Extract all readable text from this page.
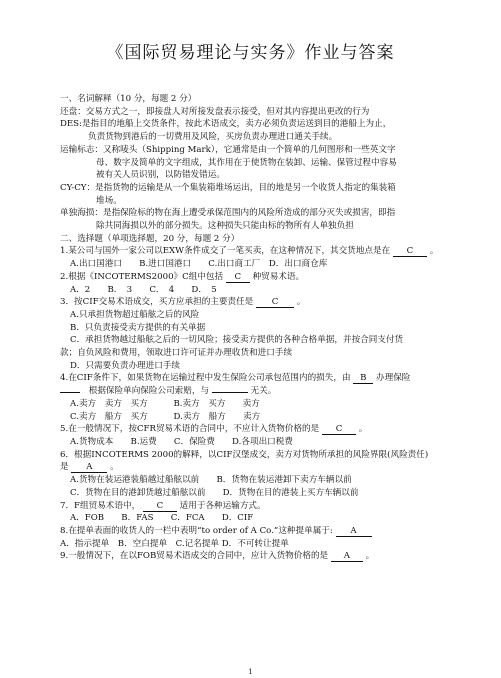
《国际贸易理论与实务》作业与答案
一、名词解释（10 分，每题 2 分）
还盘：交易方式之一，即接盘人对所接发盘表示接受，但对其内容提出更改的行为
DES:是指目的地船上交货条件，按此术语成交，卖方必须负责运送到目的港船上为止，
负责货物到港后的一切费用及风险，买房负责办理进口通关手续。
运输标志：又称唛头（Shipping Mark），它通常是由一个简单的几何图形和一些英文字
母、数字及简单的文字组成，其作用在于使货物在装卸、运输、保管过程中容易
被有关人员识别，以防错发错运。
CY-CY：是指货物的运输是从一个集装箱堆场运出，目的地是另一个收货人指定的集装箱
堆场。
单独海损：是指保险标的物在海上遭受承保范围内的风险所造成的部分灭失或损害，即指
除共同海损以外的部分损失。这种损失只能由标的物所有人单独负担
二、选择题（单项选择题，20 分，每题 2 分）
1.某公司与国外一家公司以EXW条件成交了一笔买卖，在这种情况下，其交货地点是在 C 。
A.出口国港口　　B.进口国港口　　C.出口商工厂　D．出口商仓库
2.根据《INCOTERMS2000》C组中包括 C 种贸易术语。
A．2　　B．　3　　C．　4　　D．　5
3．按CIF交易术语成交，买方应承担的主要责任是 C 。
A.只承担货物超过船舷之后的风险
B．只负责接受卖方提供的有关单据
C．承担货物越过船舷之后的一切风险；接受卖方提供的各种合格单据，并按合同支付货
款；自负风险和费用，领取进口许可证并办理收货和进口手续
D．只需要负责办理进口手续
4.在CIF条件下，如果货物在运输过程中发生保险公司承包范围内的损失，由 B 办理保险
根据保险单向保险公司索赔，与	无关。
A.卖方　卖方　买方　　　B.卖方　买方　　卖方
C.卖方　船方　买方　　　D.卖方　船方　　卖方
5.在一般情况下，按CFR贸易术语的合同中，不应计入货物价格的是 C 。
A.货物成本　　B.运费　　C．保险费　　D.各项出口税费
6．根据INCOTERMS 2000的解释，以CIF汉堡成交，卖方对货物所承担的风险界限(风险责任)
是 A 。
A.货物在装运港装船越过船舷以前　　B．货物在装运港卸下卖方车辆以前
C．货物在目的港卸货越过船舷以前　　D．货物在目的港装上买方车辆以前
7．F组贸易术语中， C 适用于各种运输方式。
A．FOB　　B．FAS　　C．FCA　　D．CIF
8.在提单表面的收货人的一栏中表明“to order of A Co.”这种提单属于: A
A．指示提单　B．空白提单　C.记名提单 D．不可转让提单
9.一般情况下，在以FOB贸易术语成交的合同中，应计入货物价格的是 A 。
1
